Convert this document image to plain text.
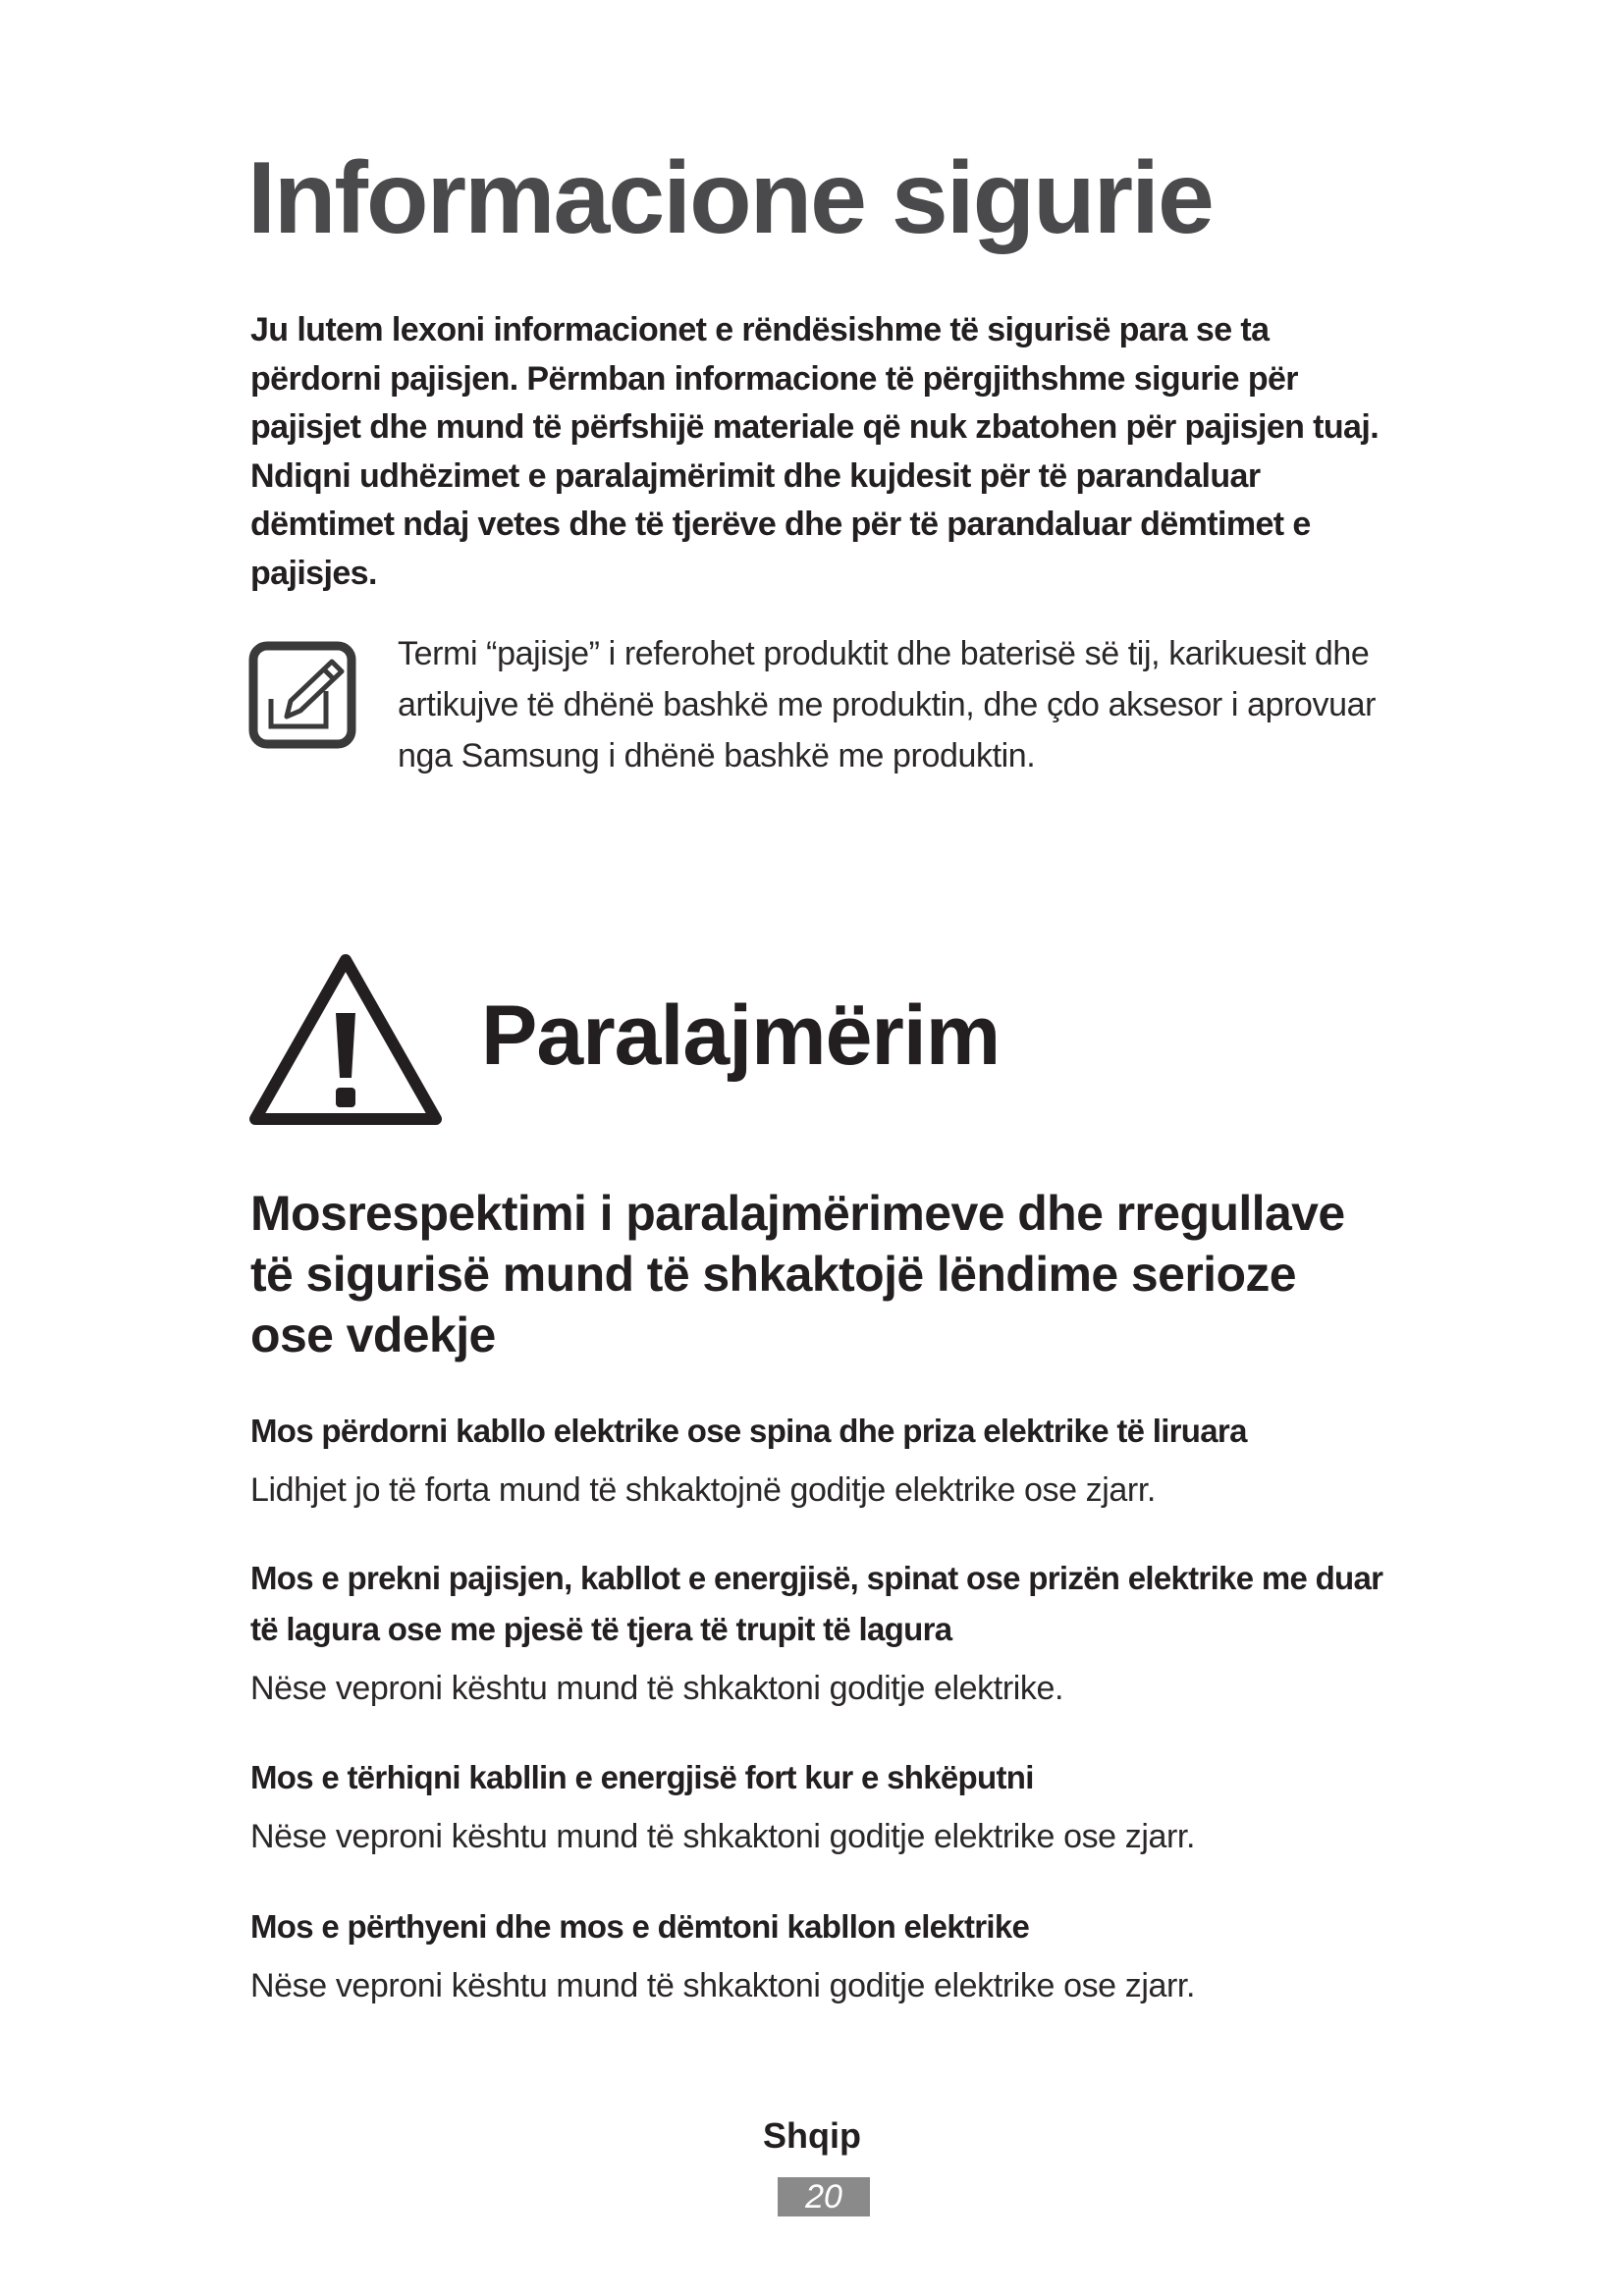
Informacione sigurie

Ju lutem lexoni informacionet e rëndësishme të sigurisë para se ta përdorni pajisjen. Përmban informacione të përgjithshme sigurie për pajisjet dhe mund të përfshijë materiale që nuk zbatohen për pajisjen tuaj. Ndiqni udhëzimet e paralajmërimit dhe kujdesit për të parandaluar dëmtimet ndaj vetes dhe të tjerëve dhe për të parandaluar dëmtimet e pajisjes.

Termi “pajisje” i referohet produktit dhe baterisë së tij, karikuesit dhe artikujve të dhënë bashkë me produktin, dhe çdo aksesor i aprovuar nga Samsung i dhënë bashkë me produktin.

Paralajmërim
Mosrespektimi i paralajmërimeve dhe rregullave të sigurisë mund të shkaktojë lëndime serioze ose vdekje

Mos përdorni kabllo elektrike ose spina dhe priza elektrike të liruara

Lidhjet jo të forta mund të shkaktojnë goditje elektrike ose zjarr.

Mos e prekni pajisjen, kabllot e energjisë, spinat ose prizën elektrike me duar të lagura ose me pjesë të tjera të trupit të lagura

Nëse veproni kështu mund të shkaktoni goditje elektrike.

Mos e tërhiqni kabllin e energjisë fort kur e shkëputni

Nëse veproni kështu mund të shkaktoni goditje elektrike ose zjarr.

Mos e përthyeni dhe mos e dëmtoni kabllon elektrike

Nëse veproni kështu mund të shkaktoni goditje elektrike ose zjarr.

Shqip

20
